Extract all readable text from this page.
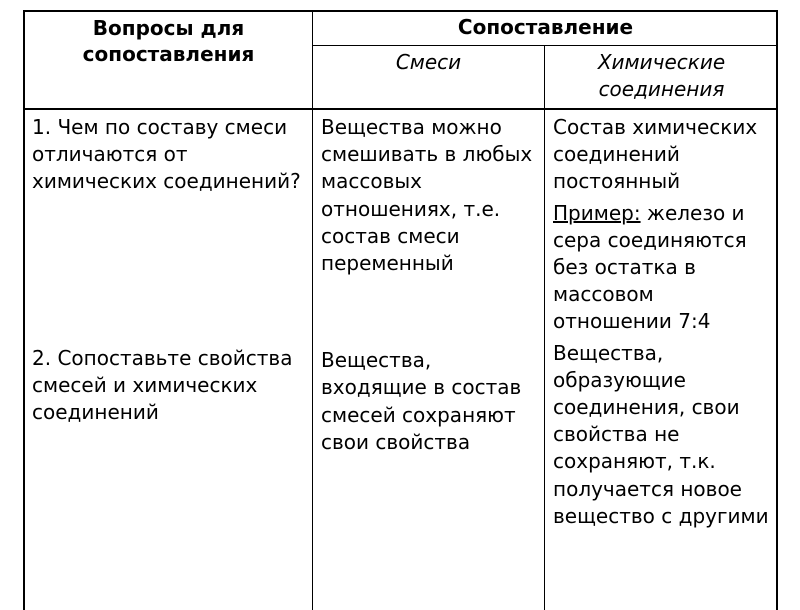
Вопросы для сопоставления
Сопоставление
Смеси	Химические соединения

1. Чем по составу смеси отличаются от химических соединений?

2. Сопоставьте свойства смесей и химических соединений

Вещества можно смешивать в любых массовых отношениях, т.е. состав смеси переменный

Вещества, входящие в состав смесей сохраняют свои свойства

Состав химических соединений постоянный

Пример: железо и сера соединяются без остатка в массовом отношении 7:4

Вещества, образующие соединения, свои свойства не сохраняют, т.к. получается новое вещество с другими
